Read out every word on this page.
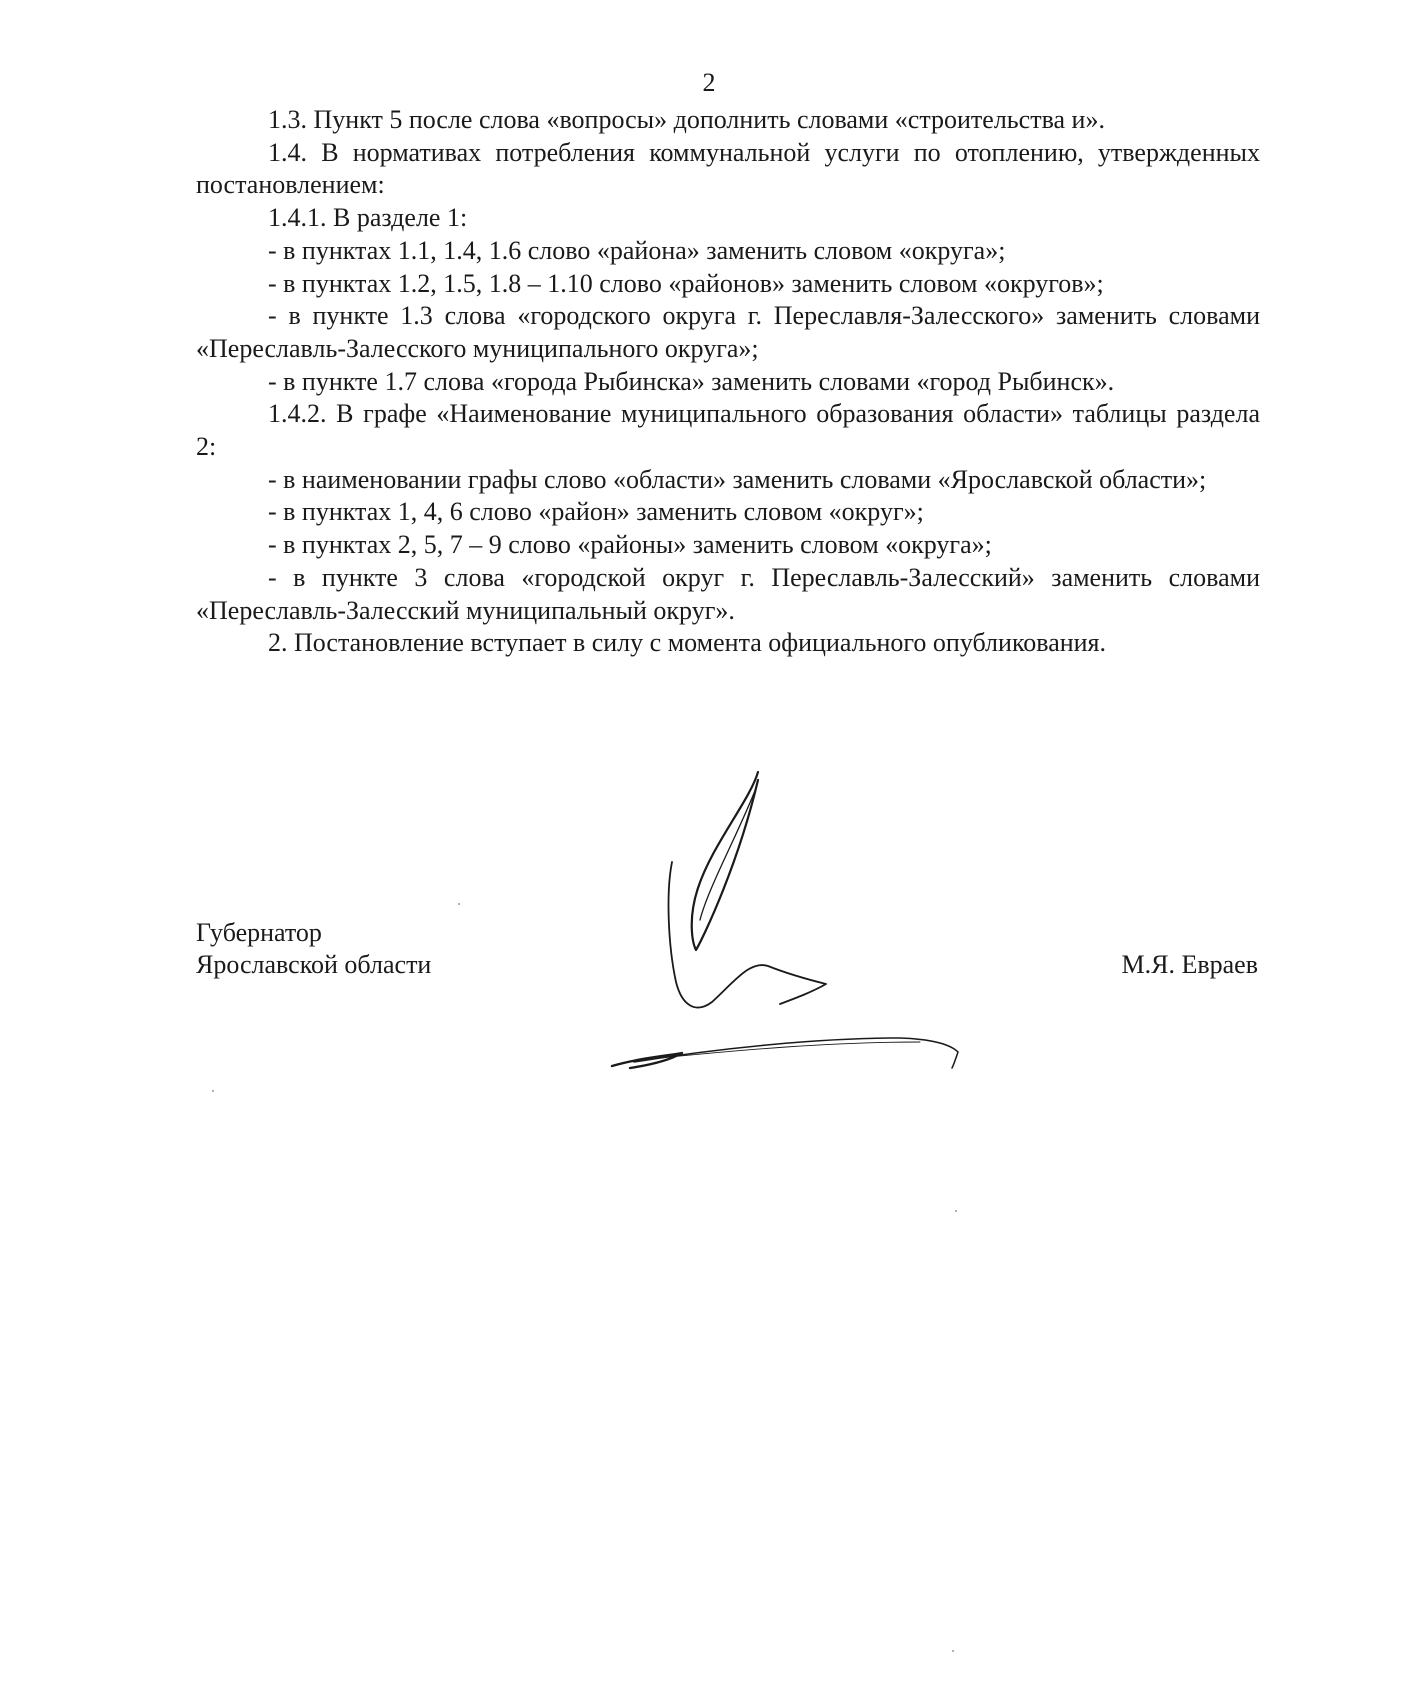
2

1.3. Пункт 5 после слова «вопросы» дополнить словами «строительства и».

1.4. В нормативах потребления коммунальной услуги по отоплению, утвержденных постановлением:

1.4.1. В разделе 1:

- в пунктах 1.1, 1.4, 1.6 слово «района» заменить словом «округа»;

- в пунктах 1.2, 1.5, 1.8 – 1.10 слово «районов» заменить словом «округов»;

- в пункте 1.3 слова «городского округа г. Переславля-Залесского» заменить словами «Переславль-Залесского муниципального округа»;

- в пункте 1.7 слова «города Рыбинска» заменить словами «город Рыбинск».

1.4.2. В графе «Наименование муниципального образования области» таблицы раздела 2:

- в наименовании графы слово «области» заменить словами «Ярославской области»;

- в пунктах 1, 4, 6 слово «район» заменить словом «округ»;

- в пунктах 2, 5, 7 – 9 слово «районы» заменить словом «округа»;

- в пункте 3 слова «городской округ г. Переславль-Залесский» заменить словами «Переславль-Залесский муниципальный округ».

2. Постановление вступает в силу с момента официального опубликования.

Губернатор
Ярославской области	М.Я. Евраев
